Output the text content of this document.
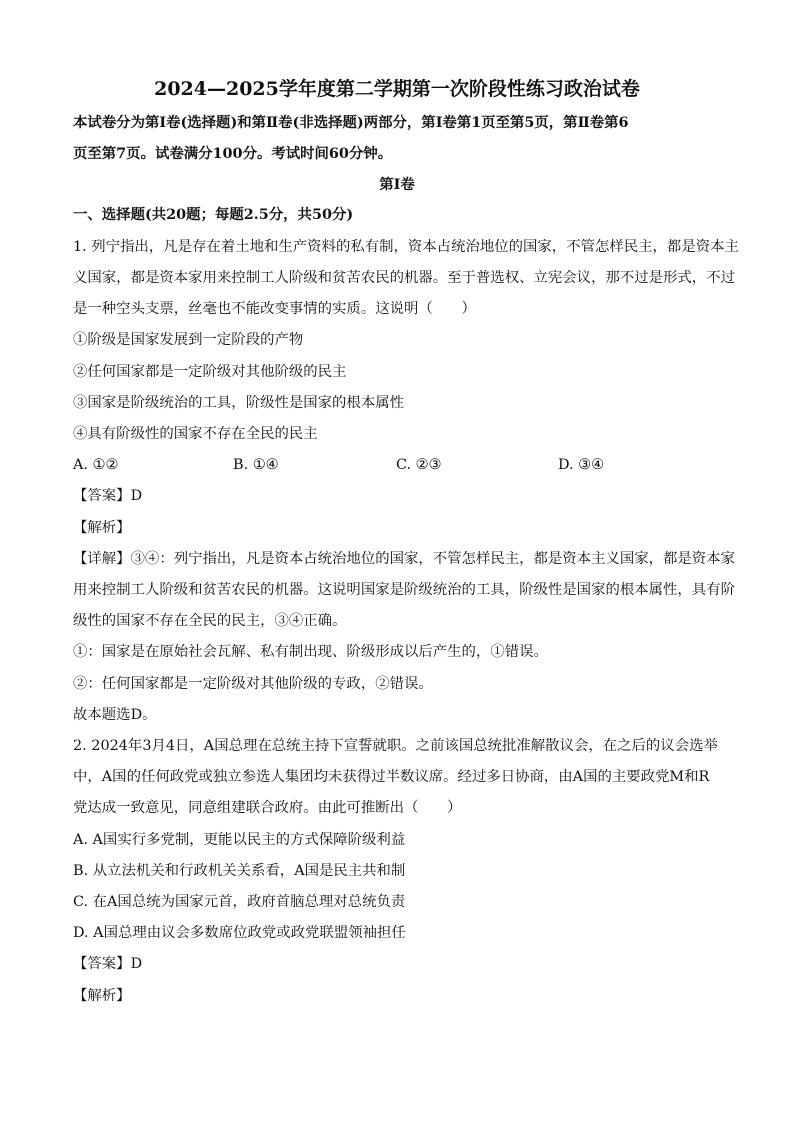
2024—2025学年度第二学期第一次阶段性练习政治试卷
本试卷分为第Ⅰ卷(选择题)和第Ⅱ卷(非选择题)两部分，第Ⅰ卷第1页至第5页，第Ⅱ卷第6
页至第7页。试卷满分100分。考试时间60分钟。
第Ⅰ卷
一、选择题(共20题；每题2.5分，共50分)
1. 列宁指出，凡是存在着土地和生产资料的私有制，资本占统治地位的国家，不管怎样民主，都是资本主
义国家，都是资本家用来控制工人阶级和贫苦农民的机器。至于普选权、立宪会议，那不过是形式，不过
是一种空头支票，丝毫也不能改变事情的实质。这说明（　　）
①阶级是国家发展到一定阶段的产物
②任何国家都是一定阶级对其他阶级的民主
③国家是阶级统治的工具，阶级性是国家的根本属性
④具有阶级性的国家不存在全民的民主
A. ①②	B. ①④	C. ②③	D. ③④
【答案】D
【解析】
【详解】③④：列宁指出，凡是资本占统治地位的国家，不管怎样民主，都是资本主义国家，都是资本家
用来控制工人阶级和贫苦农民的机器。这说明国家是阶级统治的工具，阶级性是国家的根本属性，具有阶
级性的国家不存在全民的民主，③④正确。
①：国家是在原始社会瓦解、私有制出现、阶级形成以后产生的，①错误。
②：任何国家都是一定阶级对其他阶级的专政，②错误。
故本题选D。
2. 2024年3月4日，A国总理在总统主持下宣誓就职。之前该国总统批准解散议会，在之后的议会选举
中，A国的任何政党或独立参选人集团均未获得过半数议席。经过多日协商，由A国的主要政党M和R
党达成一致意见，同意组建联合政府。由此可推断出（　　）
A. A国实行多党制，更能以民主的方式保障阶级利益
B. 从立法机关和行政机关关系看，A国是民主共和制
C. 在A国总统为国家元首，政府首脑总理对总统负责
D. A国总理由议会多数席位政党或政党联盟领袖担任
【答案】D
【解析】
